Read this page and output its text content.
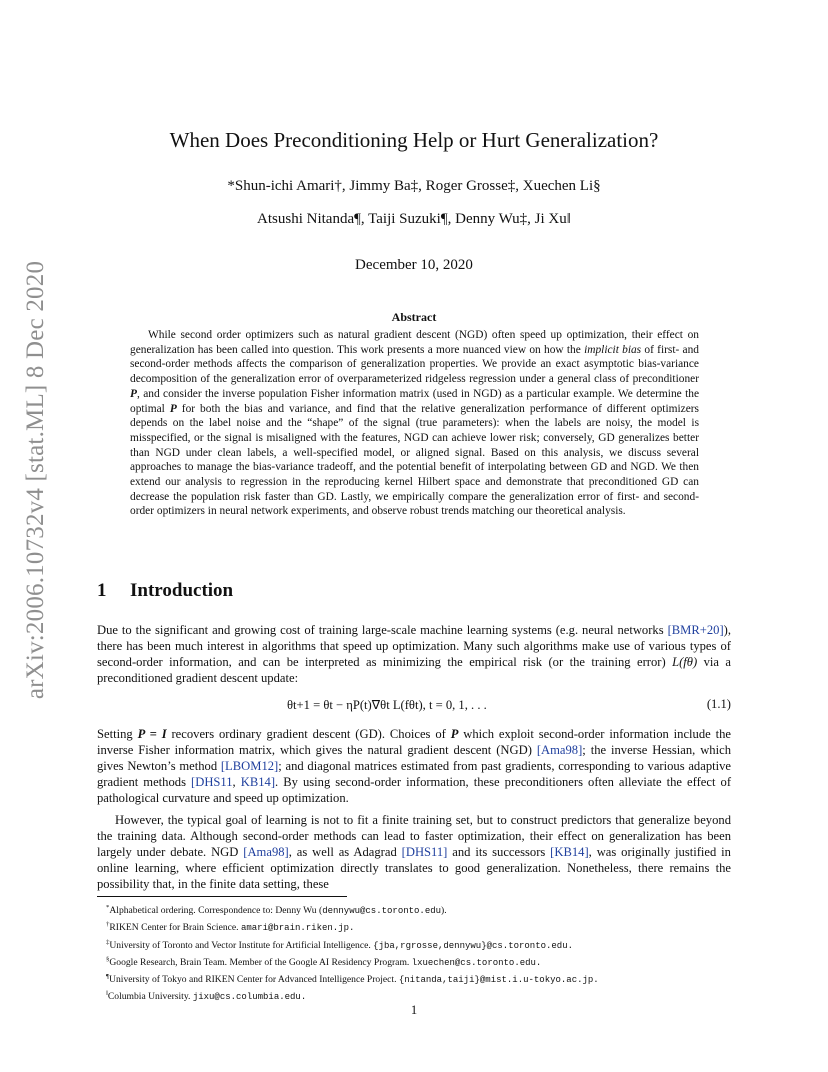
arXiv:2006.10732v4 [stat.ML] 8 Dec 2020
When Does Preconditioning Help or Hurt Generalization?
*Shun-ichi Amari†, Jimmy Ba‡, Roger Grosse‡, Xuechen Li§
Atsushi Nitanda¶, Taiji Suzuki¶, Denny Wu‡, Ji Xu‖
December 10, 2020
Abstract

While second order optimizers such as natural gradient descent (NGD) often speed up optimization, their effect on generalization has been called into question. This work presents a more nuanced view on how the implicit bias of first- and second-order methods affects the comparison of generalization properties. We provide an exact asymptotic bias-variance decomposition of the generalization error of overparameterized ridgeless regression under a general class of preconditioner P, and consider the inverse population Fisher information matrix (used in NGD) as a particular example. We determine the optimal P for both the bias and variance, and find that the relative generalization performance of different optimizers depends on the label noise and the “shape” of the signal (true parameters): when the labels are noisy, the model is misspecified, or the signal is misaligned with the features, NGD can achieve lower risk; conversely, GD generalizes better than NGD under clean labels, a well-specified model, or aligned signal. Based on this analysis, we discuss several approaches to manage the bias-variance tradeoff, and the potential benefit of interpolating between GD and NGD. We then extend our analysis to regression in the reproducing kernel Hilbert space and demonstrate that preconditioned GD can decrease the population risk faster than GD. Lastly, we empirically compare the generalization error of first- and second-order optimizers in neural network experiments, and observe robust trends matching our theoretical analysis.

1 Introduction

Due to the significant and growing cost of training large-scale machine learning systems (e.g. neural networks [BMR+20]), there has been much interest in algorithms that speed up optimization. Many such algorithms make use of various types of second-order information, and can be interpreted as minimizing the empirical risk (or the training error) L(fθ) via a preconditioned gradient descent update:

θt+1 = θt − ηP(t)∇θt L(fθt), t = 0, 1, . . .	(1.1)

Setting P = I recovers ordinary gradient descent (GD). Choices of P which exploit second-order information include the inverse Fisher information matrix, which gives the natural gradient descent (NGD) [Ama98]; the inverse Hessian, which gives Newton’s method [LBOM12]; and diagonal matrices estimated from past gradients, corresponding to various adaptive gradient methods [DHS11, KB14]. By using second-order information, these preconditioners often alleviate the effect of pathological curvature and speed up optimization.

However, the typical goal of learning is not to fit a finite training set, but to construct predictors that generalize beyond the training data. Although second-order methods can lead to faster optimization, their effect on generalization has been largely under debate. NGD [Ama98], as well as Adagrad [DHS11] and its successors [KB14], was originally justified in online learning, where efficient optimization directly translates to good generalization. Nonetheless, there remains the possibility that, in the finite data setting, these

*Alphabetical ordering. Correspondence to: Denny Wu (dennywu@cs.toronto.edu).
†RIKEN Center for Brain Science. amari@brain.riken.jp.
‡University of Toronto and Vector Institute for Artificial Intelligence. {jba,rgrosse,dennywu}@cs.toronto.edu.
§Google Research, Brain Team. Member of the Google AI Residency Program. lxuechen@cs.toronto.edu.
¶University of Tokyo and RIKEN Center for Advanced Intelligence Project. {nitanda,taiji}@mist.i.u-tokyo.ac.jp.
‖Columbia University. jixu@cs.columbia.edu.
1
